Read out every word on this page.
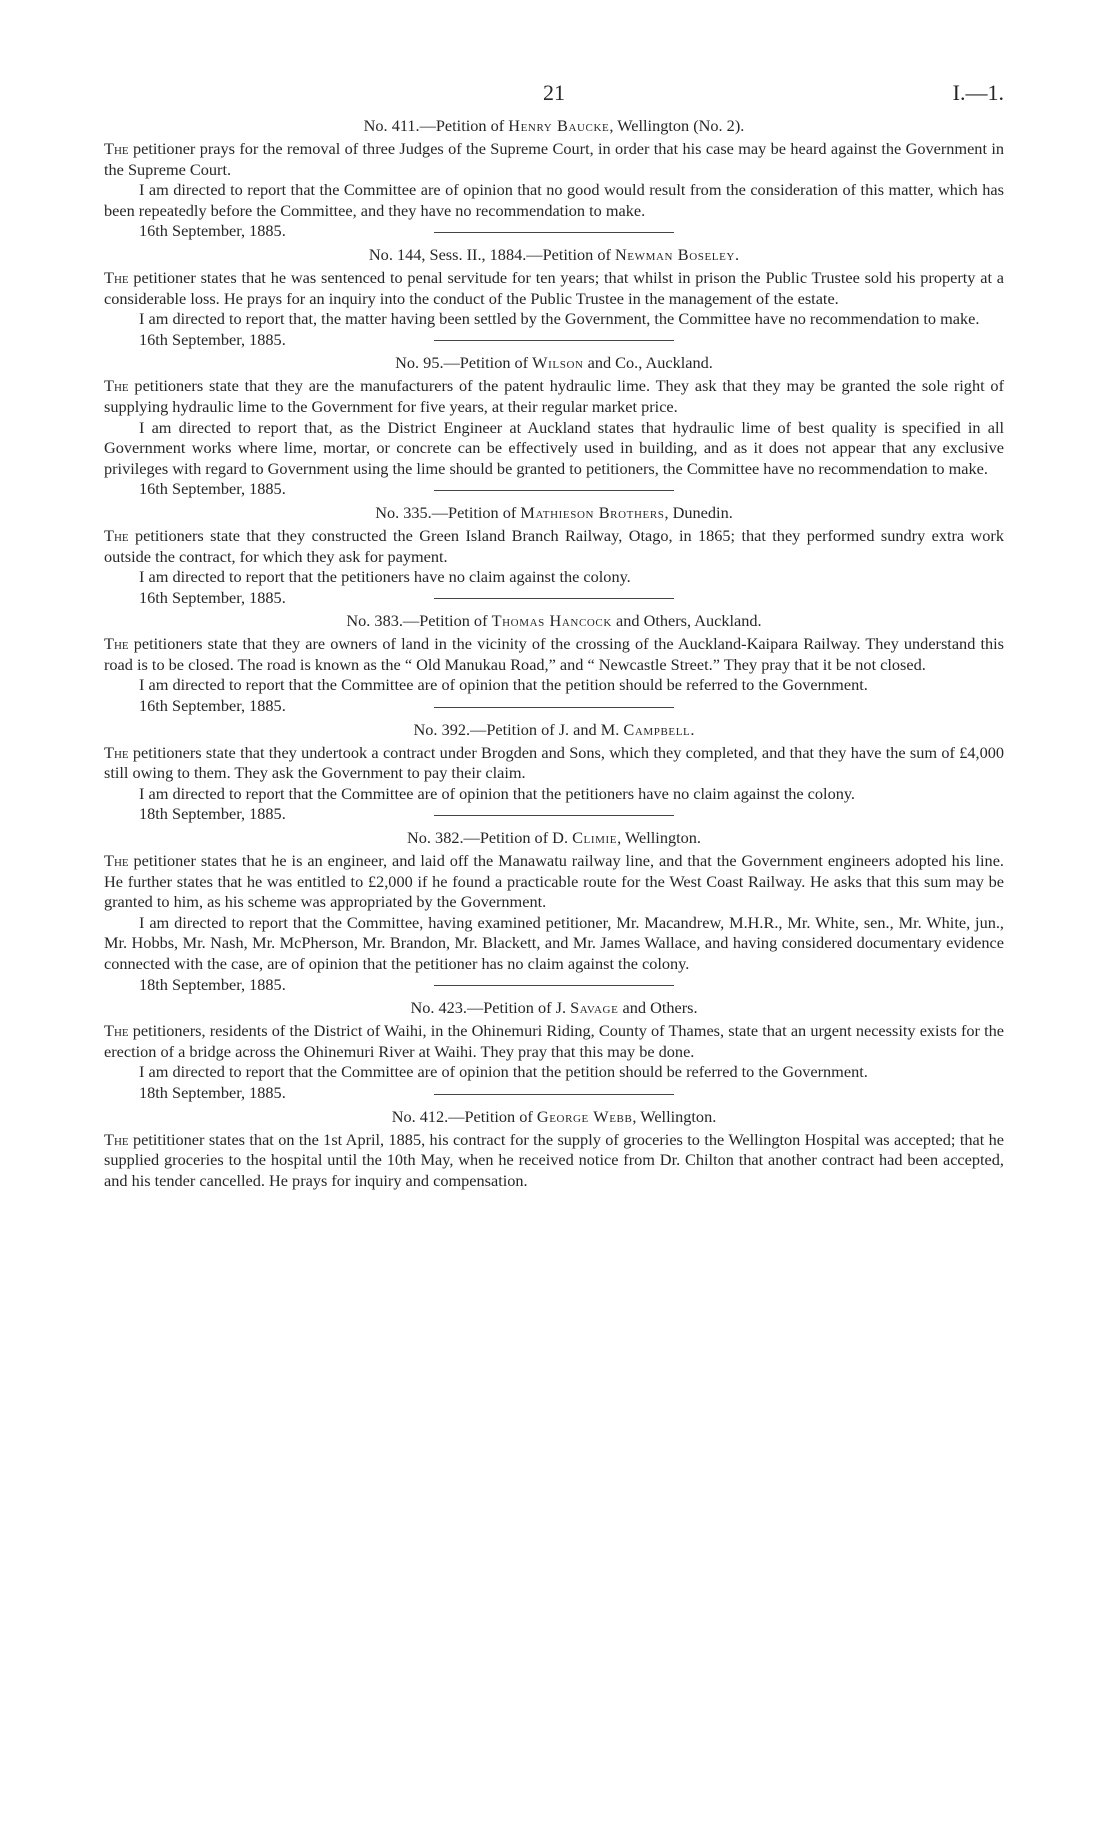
21	I.—1.
No. 411.—Petition of Henry Baucke, Wellington (No. 2).

The petitioner prays for the removal of three Judges of the Supreme Court, in order that his case may be heard against the Government in the Supreme Court.

I am directed to report that the Committee are of opinion that no good would result from the consideration of this matter, which has been repeatedly before the Committee, and they have no recommendation to make.

16th September, 1885.
No. 144, Sess. II., 1884.—Petition of Newman Boseley.

The petitioner states that he was sentenced to penal servitude for ten years; that whilst in prison the Public Trustee sold his property at a considerable loss. He prays for an inquiry into the conduct of the Public Trustee in the management of the estate.

I am directed to report that, the matter having been settled by the Government, the Committee have no recommendation to make.

16th September, 1885.
No. 95.—Petition of Wilson and Co., Auckland.

The petitioners state that they are the manufacturers of the patent hydraulic lime. They ask that they may be granted the sole right of supplying hydraulic lime to the Government for five years, at their regular market price.

I am directed to report that, as the District Engineer at Auckland states that hydraulic lime of best quality is specified in all Government works where lime, mortar, or concrete can be effectively used in building, and as it does not appear that any exclusive privileges with regard to Government using the lime should be granted to petitioners, the Committee have no recommendation to make.

16th September, 1885.
No. 335.—Petition of Mathieson Brothers, Dunedin.

The petitioners state that they constructed the Green Island Branch Railway, Otago, in 1865; that they performed sundry extra work outside the contract, for which they ask for payment.

I am directed to report that the petitioners have no claim against the colony.

16th September, 1885.
No. 383.—Petition of Thomas Hancock and Others, Auckland.

The petitioners state that they are owners of land in the vicinity of the crossing of the Auckland-Kaipara Railway. They understand this road is to be closed. The road is known as the “ Old Manukau Road,” and “ Newcastle Street.” They pray that it be not closed.

I am directed to report that the Committee are of opinion that the petition should be referred to the Government.

16th September, 1885.
No. 392.—Petition of J. and M. Campbell.

The petitioners state that they undertook a contract under Brogden and Sons, which they completed, and that they have the sum of £4,000 still owing to them. They ask the Government to pay their claim.

I am directed to report that the Committee are of opinion that the petitioners have no claim against the colony.

18th September, 1885.
No. 382.—Petition of D. Climie, Wellington.

The petitioner states that he is an engineer, and laid off the Manawatu railway line, and that the Government engineers adopted his line. He further states that he was entitled to £2,000 if he found a practicable route for the West Coast Railway. He asks that this sum may be granted to him, as his scheme was appropriated by the Government.

I am directed to report that the Committee, having examined petitioner, Mr. Macandrew, M.H.R., Mr. White, sen., Mr. White, jun., Mr. Hobbs, Mr. Nash, Mr. McPherson, Mr. Brandon, Mr. Blackett, and Mr. James Wallace, and having considered documentary evidence connected with the case, are of opinion that the petitioner has no claim against the colony.

18th September, 1885.
No. 423.—Petition of J. Savage and Others.

The petitioners, residents of the District of Waihi, in the Ohinemuri Riding, County of Thames, state that an urgent necessity exists for the erection of a bridge across the Ohinemuri River at Waihi. They pray that this may be done.

I am directed to report that the Committee are of opinion that the petition should be referred to the Government.

18th September, 1885.
No. 412.—Petition of George Webb, Wellington.

The petititioner states that on the 1st April, 1885, his contract for the supply of groceries to the Wellington Hospital was accepted; that he supplied groceries to the hospital until the 10th May, when he received notice from Dr. Chilton that another contract had been accepted, and his tender cancelled. He prays for inquiry and compensation.
